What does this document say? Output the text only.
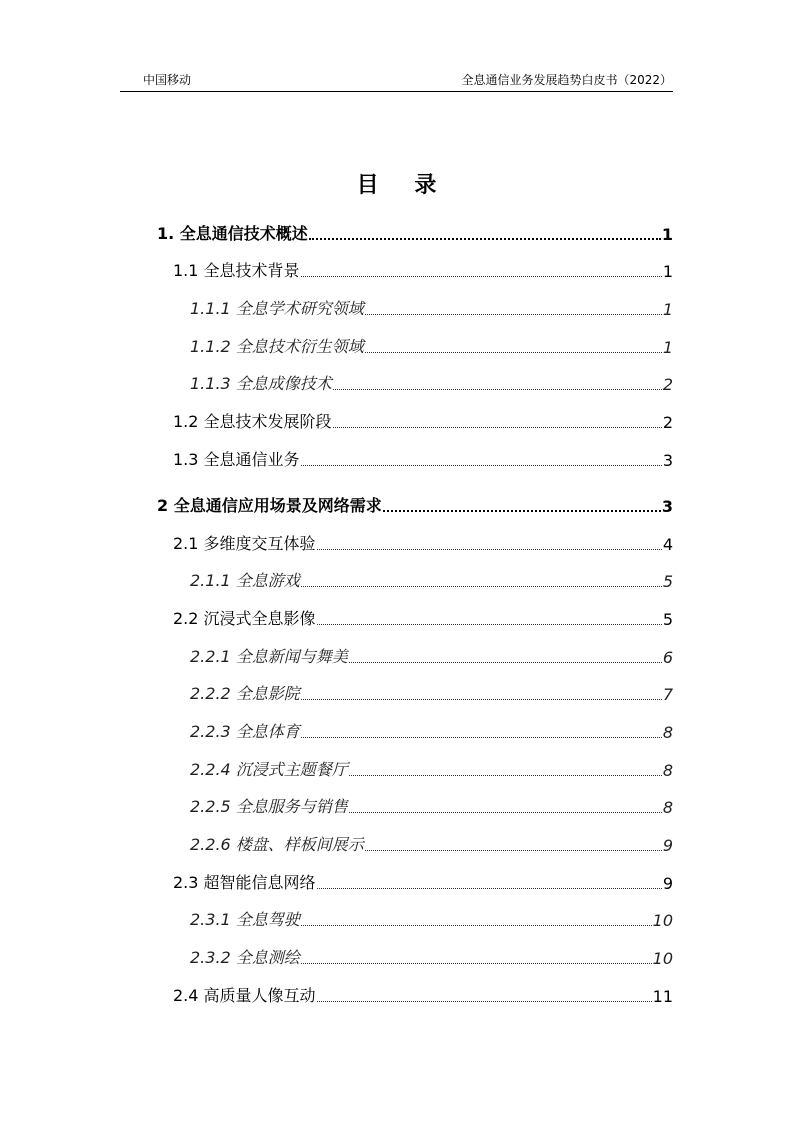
中国移动	全息通信业务发展趋势白皮书（2022）
目 录
1. 全息通信技术概述	1
1.1 全息技术背景	1
1.1.1 全息学术研究领域	1
1.1.2 全息技术衍生领域	1
1.1.3 全息成像技术	2
1.2 全息技术发展阶段	2
1.3 全息通信业务	3
2 全息通信应用场景及网络需求	3
2.1 多维度交互体验	4
2.1.1 全息游戏	5
2.2 沉浸式全息影像	5
2.2.1 全息新闻与舞美	6
2.2.2 全息影院	7
2.2.3 全息体育	8
2.2.4 沉浸式主题餐厅	8
2.2.5 全息服务与销售	8
2.2.6 楼盘、样板间展示	9
2.3 超智能信息网络	9
2.3.1 全息驾驶	10
2.3.2 全息测绘	10
2.4 高质量人像互动	11
